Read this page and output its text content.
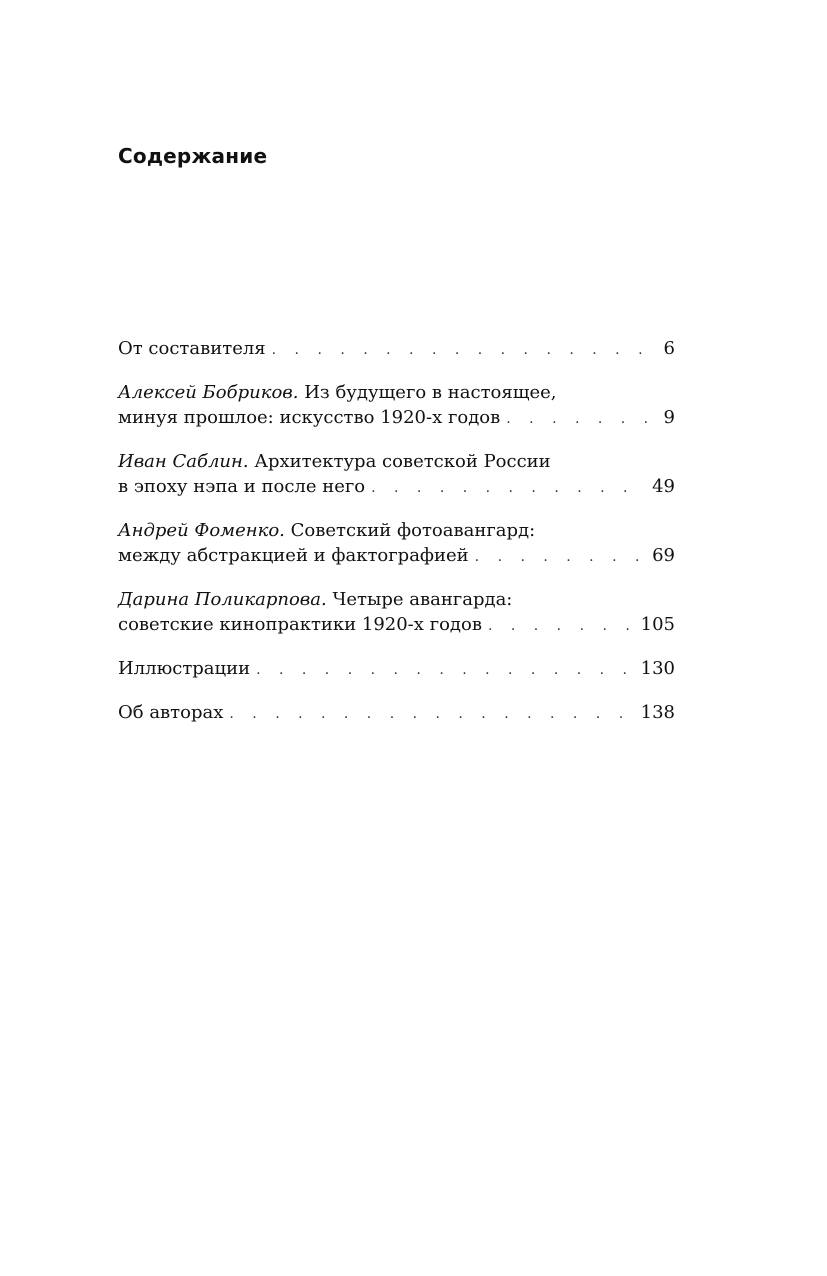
Содержание
От составителя . . .	6
Алексей Бобриков. Из будущего в настоящее,
минуя прошлое: искусство 1920-х годов . . .	9
Иван Саблин. Архитектура советской России
в эпоху нэпа и после него . . .	49
Андрей Фоменко. Советский фотоавангард:
между абстракцией и фактографией . . .	69
Дарина Поликарпова. Четыре авангарда:
советские кинопрактики 1920-х годов . . .	105
Иллюстрации . . .	130
Об авторах . . .	138
